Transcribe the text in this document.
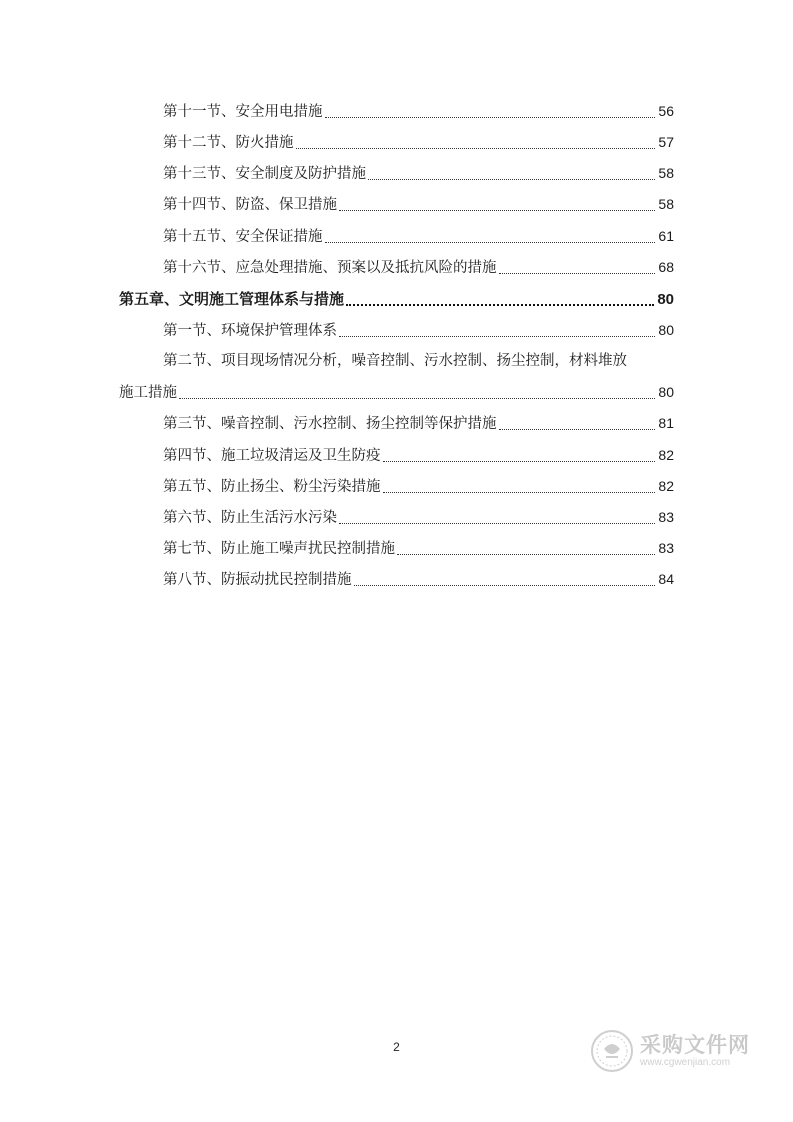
第十一节、安全用电措施	56
第十二节、防火措施	57
第十三节、安全制度及防护措施	58
第十四节、防盗、保卫措施	58
第十五节、安全保证措施	61
第十六节、应急处理措施、预案以及抵抗风险的措施	68
第五章、文明施工管理体系与措施	80
第一节、环境保护管理体系	80
第二节、项目现场情况分析，噪音控制、污水控制、扬尘控制，材料堆放
施工措施	80
第三节、噪音控制、污水控制、扬尘控制等保护措施	81
第四节、施工垃圾清运及卫生防疫	82
第五节、防止扬尘、粉尘污染措施	82
第六节、防止生活污水污染	83
第七节、防止施工噪声扰民控制措施	83
第八节、防振动扰民控制措施	84
2	采购文件网
www.cgwenjian.com
